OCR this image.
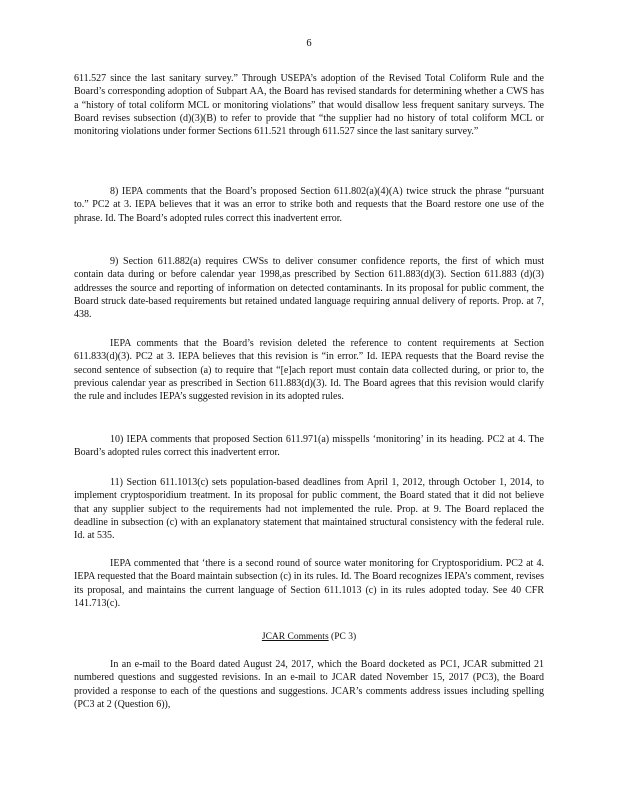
6

611.527 since the last sanitary survey.” Through USEPA’s adoption of the Revised Total Coliform Rule and the Board’s corresponding adoption of Subpart AA, the Board has revised standards for determining whether a CWS has a “history of total coliform MCL or monitoring violations” that would disallow less frequent sanitary surveys. The Board revises subsection (d)(3)(B) to refer to provide that “the supplier had no history of total coliform MCL or monitoring violations under former Sections 611.521 through 611.527 since the last sanitary survey.”

8) IEPA comments that the Board’s proposed Section 611.802(a)(4)(A) twice struck the phrase “pursuant to.” PC2 at 3. IEPA believes that it was an error to strike both and requests that the Board restore one use of the phrase. Id. The Board’s adopted rules correct this inadvertent error.

9) Section 611.882(a) requires CWSs to deliver consumer confidence reports, the first of which must contain data during or before calendar year 1998,as prescribed by Section 611.883(d)(3). Section 611.883 (d)(3) addresses the source and reporting of information on detected contaminants. In its proposal for public comment, the Board struck date-based requirements but retained undated language requiring annual delivery of reports. Prop. at 7, 438.

IEPA comments that the Board’s revision deleted the reference to content requirements at Section 611.833(d)(3). PC2 at 3. IEPA believes that this revision is “in error.” Id. IEPA requests that the Board revise the second sentence of subsection (a) to require that “[e]ach report must contain data collected during, or prior to, the previous calendar year as prescribed in Section 611.883(d)(3). Id. The Board agrees that this revision would clarify the rule and includes IEPA’s suggested revision in its adopted rules.

10) IEPA comments that proposed Section 611.971(a) misspells ‘monitoring’ in its heading. PC2 at 4. The Board’s adopted rules correct this inadvertent error.

11) Section 611.1013(c) sets population-based deadlines from April 1, 2012, through October 1, 2014, to implement cryptosporidium treatment. In its proposal for public comment, the Board stated that it did not believe that any supplier subject to the requirements had not implemented the rule. Prop. at 9. The Board replaced the deadline in subsection (c) with an explanatory statement that maintained structural consistency with the federal rule. Id. at 535.

IEPA commented that ‘there is a second round of source water monitoring for Cryptosporidium. PC2 at 4. IEPA requested that the Board maintain subsection (c) in its rules. Id. The Board recognizes IEPA’s comment, revises its proposal, and maintains the current language of Section 611.1013 (c) in its rules adopted today. See 40 CFR 141.713(c).

JCAR Comments (PC 3)

In an e-mail to the Board dated August 24, 2017, which the Board docketed as PC1, JCAR submitted 21 numbered questions and suggested revisions. In an e-mail to JCAR dated November 15, 2017 (PC3), the Board provided a response to each of the questions and suggestions. JCAR’s comments address issues including spelling (PC3 at 2 (Question 6)),
